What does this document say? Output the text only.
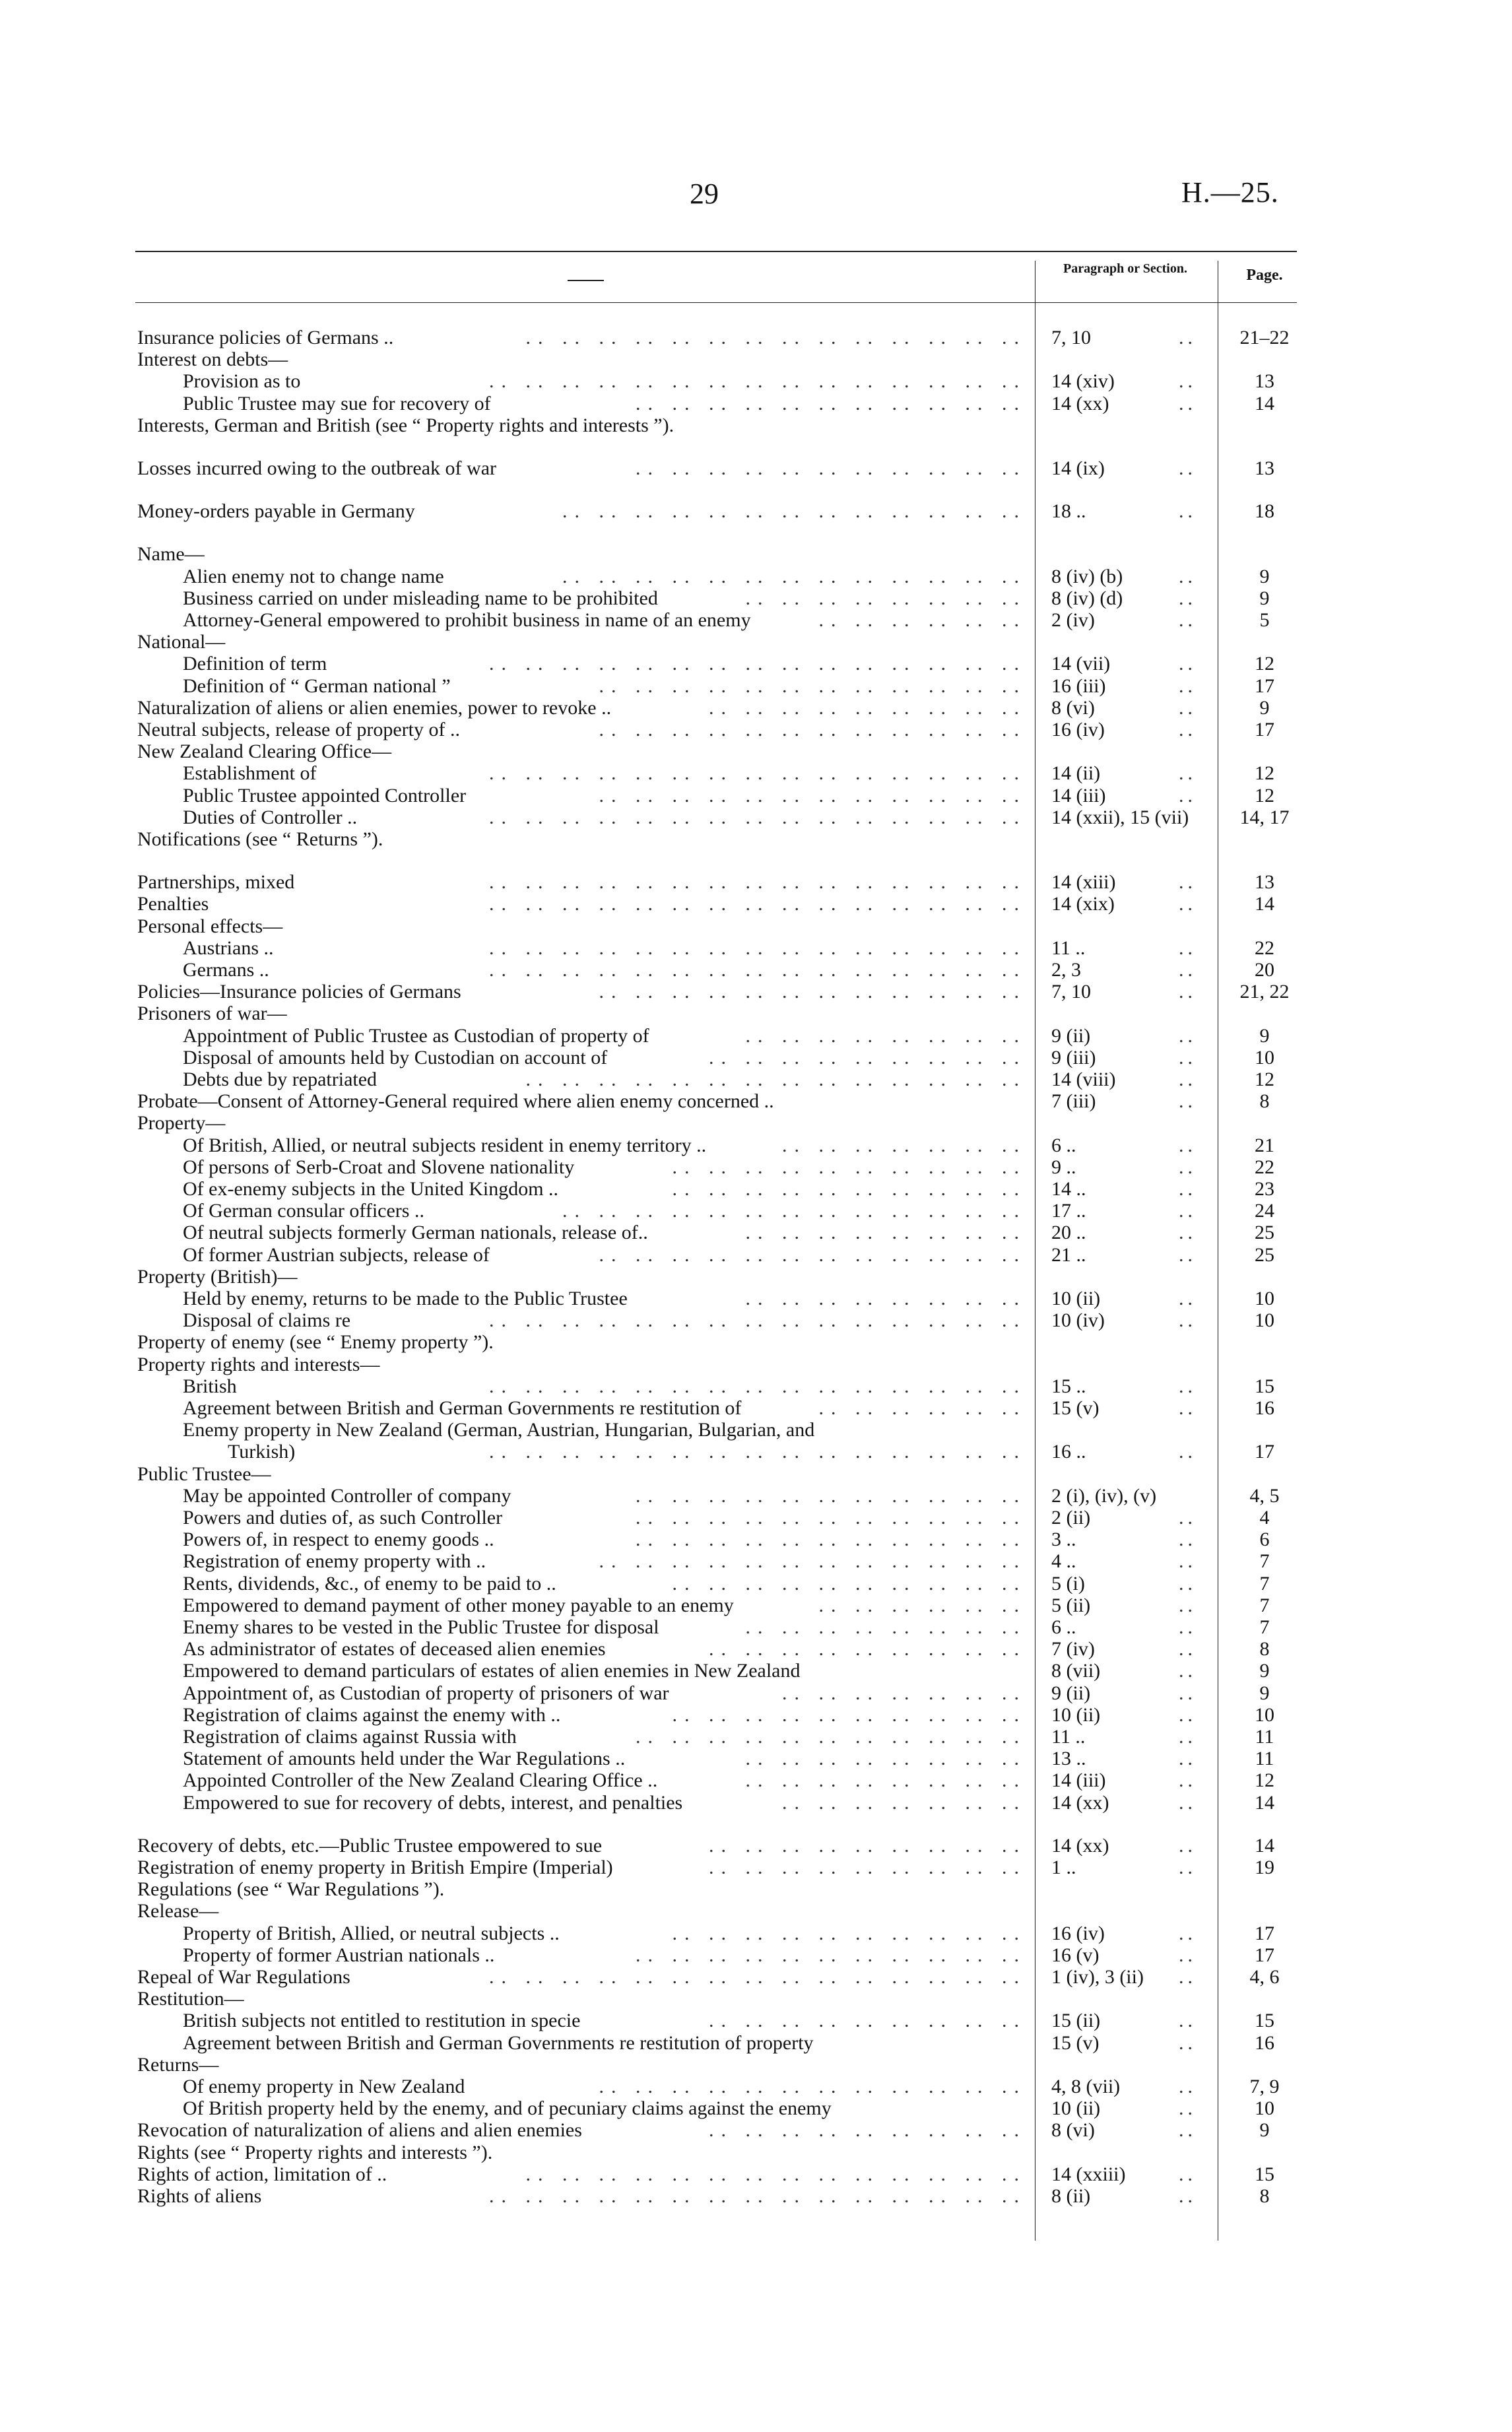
29	H.—25.
Paragraph or Section.	Page.
Insurance policies of Germans ..	7, 10	21–22
..
.. .. .. .. .. .. .. .. .. .. .. .. .. ..
Interest on debts—
Provision as to	14 (xiv)	13
..
.. .. .. .. .. .. .. .. .. .. .. .. .. .. ..
Public Trustee may sue for recovery of	14 (xx)	14
..
.. .. .. .. .. .. .. .. .. .. ..
Interests, German and British (see “ Property rights and interests ”).
Losses incurred owing to the outbreak of war	14 (ix)	13
..
.. .. .. .. .. .. .. .. .. .. ..
Money-orders payable in Germany	18 ..	18
..
.. .. .. .. .. .. .. .. .. .. .. .. ..
Name—
Alien enemy not to change name	8 (iv) (b)	9
..
.. .. .. .. .. .. .. .. .. .. .. .. ..
Business carried on under misleading name to be prohibited	8 (iv) (d)	9
..
.. .. .. .. .. .. .. ..
Attorney-General empowered to prohibit business in name of an enemy	2 (iv)	5
..
.. .. .. .. .. ..
National—
Definition of term	14 (vii)	12
..
.. .. .. .. .. .. .. .. .. .. .. .. .. .. ..
Definition of “ German national ”	16 (iii)	17
..
.. .. .. .. .. .. .. .. .. .. .. ..
Naturalization of aliens or alien enemies, power to revoke ..	8 (vi)	9
..
.. .. .. .. .. .. .. .. ..
Neutral subjects, release of property of ..	16 (iv)	17
..
.. .. .. .. .. .. .. .. .. .. .. ..
New Zealand Clearing Office—
Establishment of	14 (ii)	12
..
.. .. .. .. .. .. .. .. .. .. .. .. .. .. ..
Public Trustee appointed Controller	14 (iii)	12
..
.. .. .. .. .. .. .. .. .. .. .. ..
Duties of Controller ..	14 (xxii), 15 (vii)	14, 17
.. .. .. .. .. .. .. .. .. .. .. .. .. .. ..
Notifications (see “ Returns ”).
Partnerships, mixed	14 (xiii)	13
..
.. .. .. .. .. .. .. .. .. .. .. .. .. .. ..
Penalties	14 (xix)	14
..
.. .. .. .. .. .. .. .. .. .. .. .. .. .. ..
Personal effects—
Austrians ..	11 ..	22
..
.. .. .. .. .. .. .. .. .. .. .. .. .. .. ..
Germans ..	2, 3	20
..
.. .. .. .. .. .. .. .. .. .. .. .. .. .. ..
Policies—Insurance policies of Germans	7, 10	21, 22
..
.. .. .. .. .. .. .. .. .. .. .. ..
Prisoners of war—
Appointment of Public Trustee as Custodian of property of	9 (ii)	9
..
.. .. .. .. .. .. .. ..
Disposal of amounts held by Custodian on account of	9 (iii)	10
..
.. .. .. .. .. .. .. .. ..
Debts due by repatriated	14 (viii)	12
..
.. .. .. .. .. .. .. .. .. .. .. .. .. ..
Probate—Consent of Attorney-General required where alien enemy concerned ..	7 (iii)	8
..
Property—
Of British, Allied, or neutral subjects resident in enemy territory ..	6 ..	21
..
.. .. .. .. .. .. ..
Of persons of Serb-Croat and Slovene nationality	9 ..	22
..
.. .. .. .. .. .. .. .. .. ..
Of ex-enemy subjects in the United Kingdom ..	14 ..	23
..
.. .. .. .. .. .. .. .. .. ..
Of German consular officers ..	17 ..	24
..
.. .. .. .. .. .. .. .. .. .. .. .. ..
Of neutral subjects formerly German nationals, release of..	20 ..	25
..
.. .. .. .. .. .. .. ..
Of former Austrian subjects, release of	21 ..	25
..
.. .. .. .. .. .. .. .. .. .. .. ..
Property (British)—
Held by enemy, returns to be made to the Public Trustee	10 (ii)	10
..
.. .. .. .. .. .. .. ..
Disposal of claims re	10 (iv)	10
..
.. .. .. .. .. .. .. .. .. .. .. .. .. .. ..
Property of enemy (see “ Enemy property ”).
Property rights and interests—
British	15 ..	15
..
.. .. .. .. .. .. .. .. .. .. .. .. .. .. ..
Agreement between British and German Governments re restitution of	15 (v)	16
..
.. .. .. .. .. ..
Enemy property in New Zealand (German, Austrian, Hungarian, Bulgarian, and
Turkish)	16 ..	17
..
.. .. .. .. .. .. .. .. .. .. .. .. .. .. ..
Public Trustee—
May be appointed Controller of company	2 (i), (iv), (v)	4, 5
.. .. .. .. .. .. .. .. .. .. ..
Powers and duties of, as such Controller	2 (ii)	4
..
.. .. .. .. .. .. .. .. .. .. ..
Powers of, in respect to enemy goods ..	3 ..	6
..
.. .. .. .. .. .. .. .. .. .. ..
Registration of enemy property with ..	4 ..	7
..
.. .. .. .. .. .. .. .. .. .. .. ..
Rents, dividends, &c., of enemy to be paid to ..	5 (i)	7
..
.. .. .. .. .. .. .. .. .. ..
Empowered to demand payment of other money payable to an enemy	5 (ii)	7
..
.. .. .. .. .. ..
Enemy shares to be vested in the Public Trustee for disposal	6 ..	7
..
.. .. .. .. .. .. .. ..
As administrator of estates of deceased alien enemies	7 (iv)	8
..
.. .. .. .. .. .. .. .. ..
Empowered to demand particulars of estates of alien enemies in New Zealand	8 (vii)	9
..
Appointment of, as Custodian of property of prisoners of war	9 (ii)	9
..
.. .. .. .. .. .. ..
Registration of claims against the enemy with ..	10 (ii)	10
..
.. .. .. .. .. .. .. .. .. ..
Registration of claims against Russia with	11 ..	11
..
.. .. .. .. .. .. .. .. .. .. ..
Statement of amounts held under the War Regulations ..	13 ..	11
..
.. .. .. .. .. .. .. ..
Appointed Controller of the New Zealand Clearing Office ..	14 (iii)	12
..
.. .. .. .. .. .. .. ..
Empowered to sue for recovery of debts, interest, and penalties	14 (xx)	14
..
.. .. .. .. .. .. ..
Recovery of debts, etc.—Public Trustee empowered to sue	14 (xx)	14
..
.. .. .. .. .. .. .. .. ..
Registration of enemy property in British Empire (Imperial)	1 ..	19
..
.. .. .. .. .. .. .. .. ..
Regulations (see “ War Regulations ”).
Release—
Property of British, Allied, or neutral subjects ..	16 (iv)	17
..
.. .. .. .. .. .. .. .. .. ..
Property of former Austrian nationals ..	16 (v)	17
..
.. .. .. .. .. .. .. .. .. .. ..
Repeal of War Regulations	1 (iv), 3 (ii)	4, 6
..
.. .. .. .. .. .. .. .. .. .. .. .. .. .. ..
Restitution—
British subjects not entitled to restitution in specie	15 (ii)	15
..
.. .. .. .. .. .. .. .. ..
Agreement between British and German Governments re restitution of property	15 (v)	16
..
Returns—
Of enemy property in New Zealand	4, 8 (vii)	7, 9
..
.. .. .. .. .. .. .. .. .. .. .. ..
Of British property held by the enemy, and of pecuniary claims against the enemy	10 (ii)	10
..
Revocation of naturalization of aliens and alien enemies	8 (vi)	9
..
.. .. .. .. .. .. .. .. ..
Rights (see “ Property rights and interests ”).
Rights of action, limitation of ..	14 (xxiii)	15
..
.. .. .. .. .. .. .. .. .. .. .. .. .. ..
Rights of aliens	8 (ii)	8
..
.. .. .. .. .. .. .. .. .. .. .. .. .. .. ..
